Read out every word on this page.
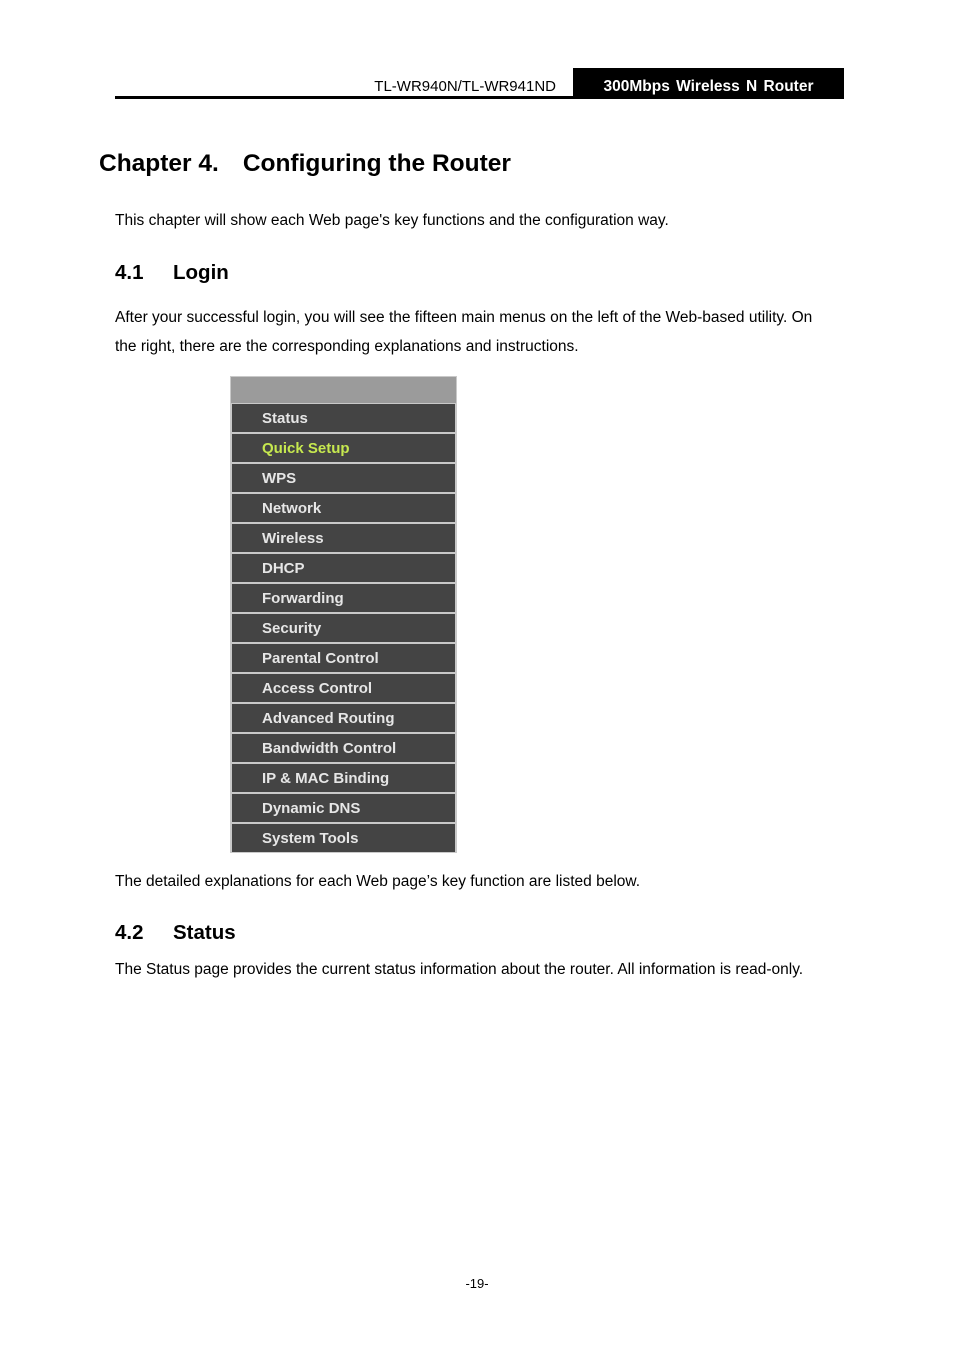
TL-WR940N/TL-WR941ND	300Mbps Wireless N Router
Chapter 4. Configuring the Router
This chapter will show each Web page's key functions and the configuration way.
4.1 Login
After your successful login, you will see the fifteen main menus on the left of the Web-based utility. On the right, there are the corresponding explanations and instructions.
Status
Quick Setup
WPS
Network
Wireless
DHCP
Forwarding
Security
Parental Control
Access Control
Advanced Routing
Bandwidth Control
IP & MAC Binding
Dynamic DNS
System Tools
The detailed explanations for each Web page’s key function are listed below.
4.2 Status
The Status page provides the current status information about the router. All information is read-only.
-19-
